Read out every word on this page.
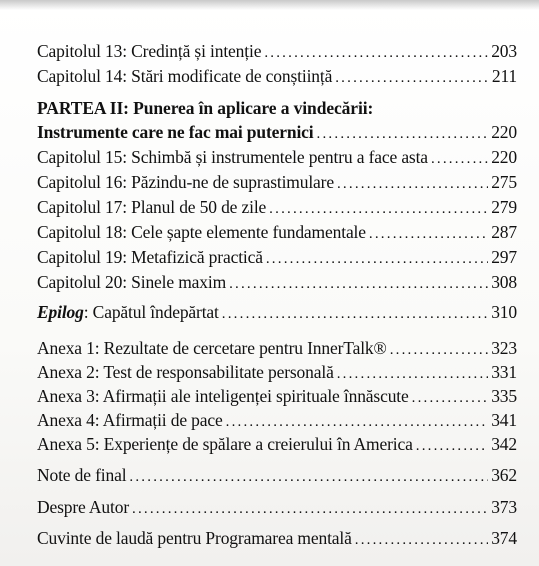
Capitolul 13: Credință și intenție .....	203
Capitolul 14: Stări modificate de conștiință .....	211
PARTEA II: Punerea în aplicare a vindecării:
Instrumente care ne fac mai puternici .....	220
Capitolul 15: Schimbă și instrumentele pentru a face asta .....	220
Capitolul 16: Păzindu-ne de suprastimulare .....	275
Capitolul 17: Planul de 50 de zile .....	279
Capitolul 18: Cele șapte elemente fundamentale .....	287
Capitolul 19: Metafizică practică .....	297
Capitolul 20: Sinele maxim .....	308
Epilog: Capătul îndepărtat .....	310
Anexa 1: Rezultate de cercetare pentru InnerTalk® .....	323
Anexa 2: Test de responsabilitate personală .....	331
Anexa 3: Afirmații ale inteligenței spirituale înnăscute .....	335
Anexa 4: Afirmații de pace .....	341
Anexa 5: Experiențe de spălare a creierului în America .....	342
Note de final .....	362
Despre Autor .....	373
Cuvinte de laudă pentru Programarea mentală .....	374
